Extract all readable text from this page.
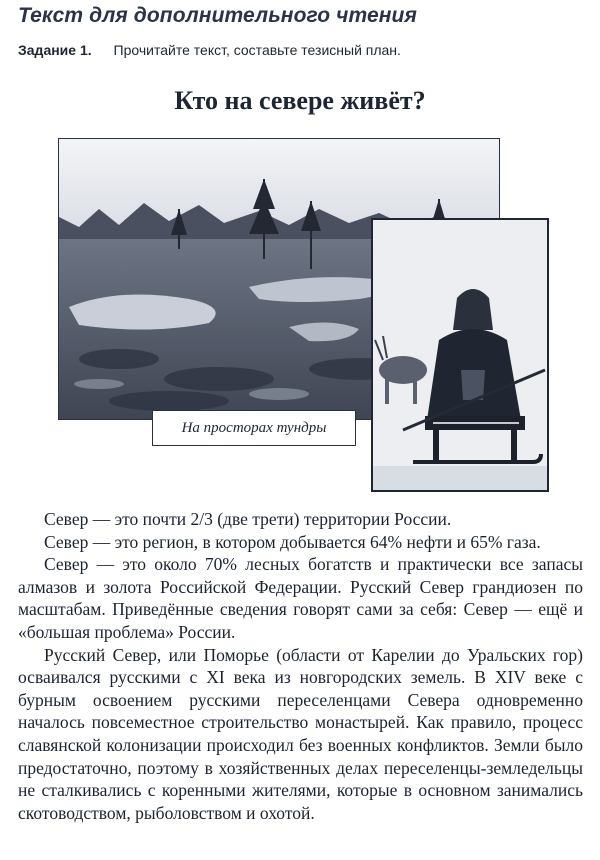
Текст для дополнительного чтения
Задание 1. Прочитайте текст, составьте тезисный план.
Кто на севере живёт?
На просторах тундры

Север — это почти 2/3 (две трети) территории России.

Север — это регион, в котором добывается 64% нефти и 65% газа.

Север — это около 70% лесных богатств и практически все запасы алмазов и золота Российской Федерации. Русский Север грандиозен по масштабам. Приведённые сведения говорят сами за себя: Север — ещё и «большая проблема» России.

Русский Север, или Поморье (области от Карелии до Уральских гор) осваивался русскими с XI века из новгородских земель. В XIV веке с бурным освоением русскими переселенцами Севера одновременно началось повсеместное строительство монастырей. Как правило, процесс славянской колонизации происходил без военных конфликтов. Земли было предостаточно, поэтому в хозяйственных делах переселенцы-земледельцы не сталкивались с коренными жителями, которые в основном занимались скотоводством, рыболовством и охотой.
